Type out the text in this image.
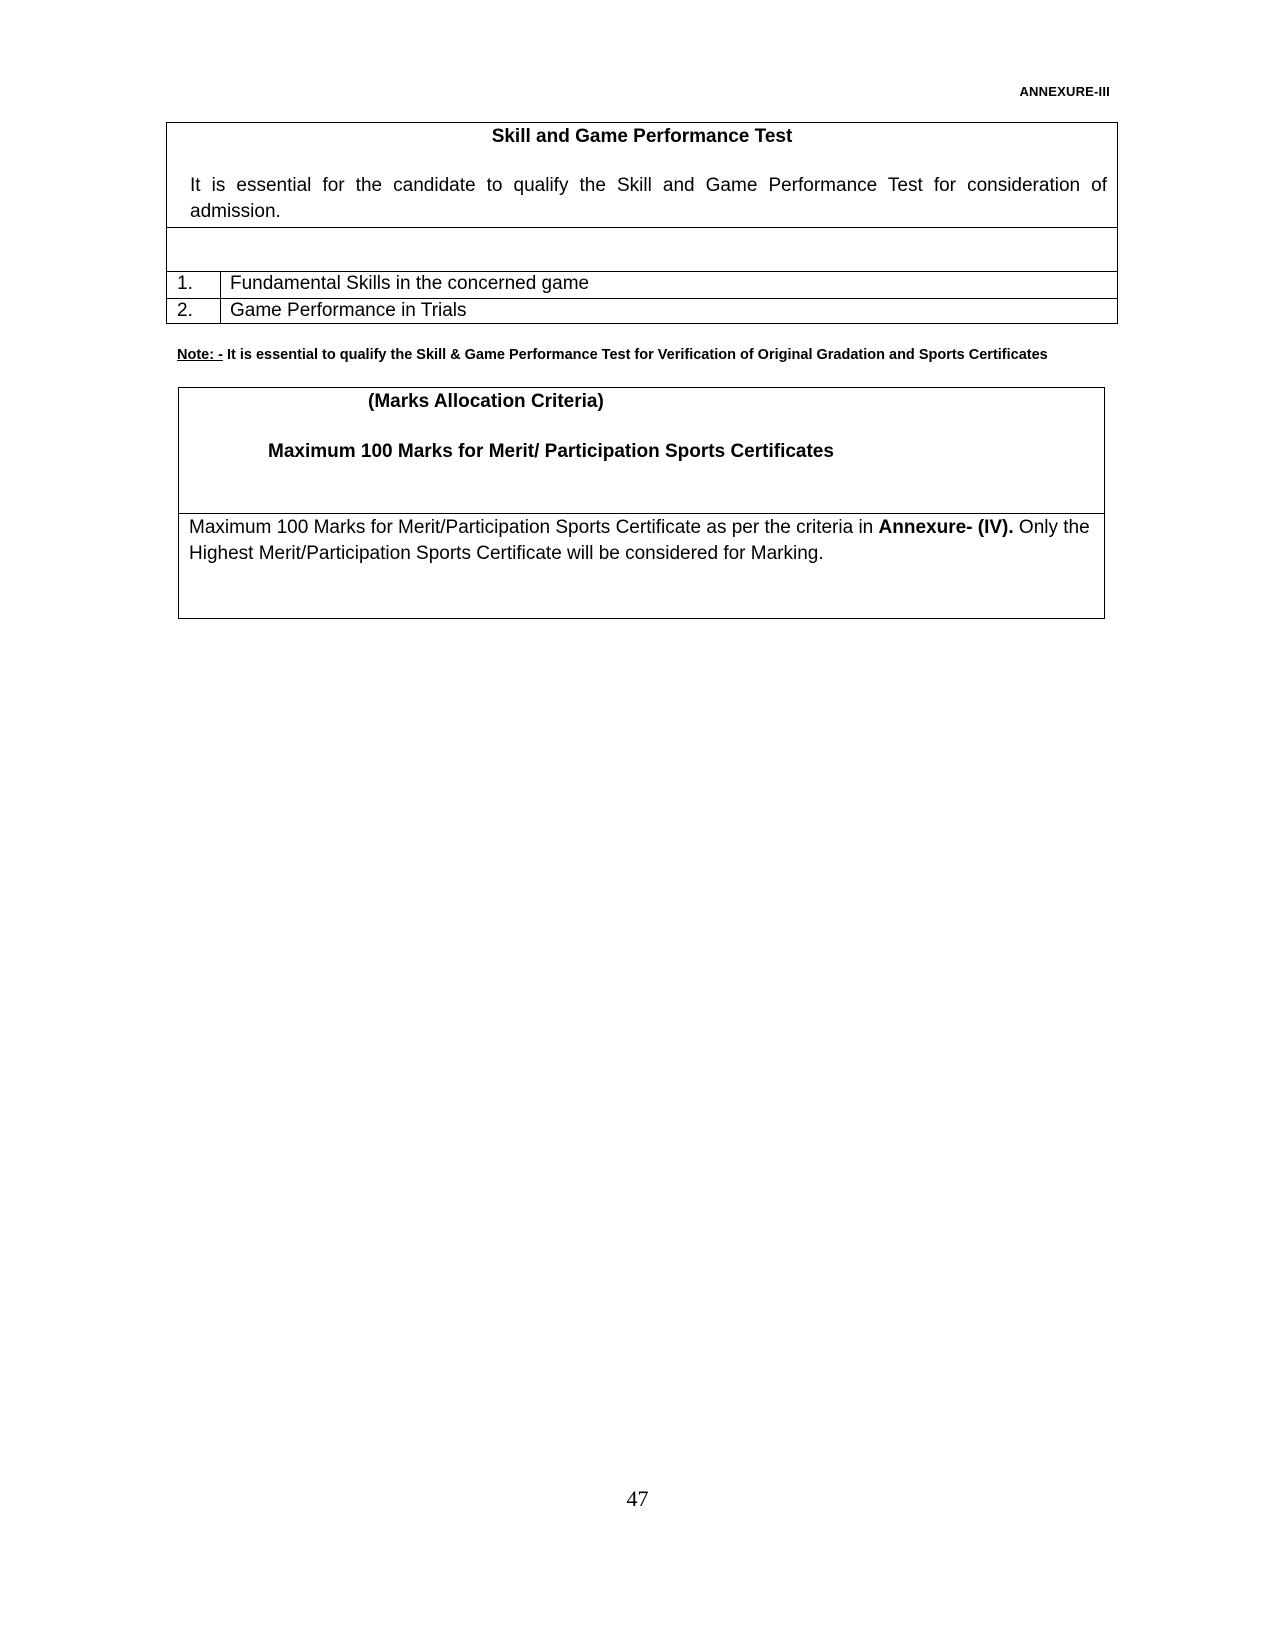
ANNEXURE-III
Skill and Game Performance Test
It is essential for the candidate to qualify the Skill and Game Performance Test for consideration of admission.
1. Fundamental Skills in the concerned game
2. Game Performance in Trials
Note: - It is essential to qualify the Skill & Game Performance Test for Verification of Original Gradation and Sports Certificates
(Marks Allocation Criteria)
Maximum 100 Marks for Merit/ Participation Sports Certificates
Maximum 100 Marks for Merit/Participation Sports Certificate as per the criteria in Annexure- (IV). Only the Highest Merit/Participation Sports Certificate will be considered for Marking.
47
